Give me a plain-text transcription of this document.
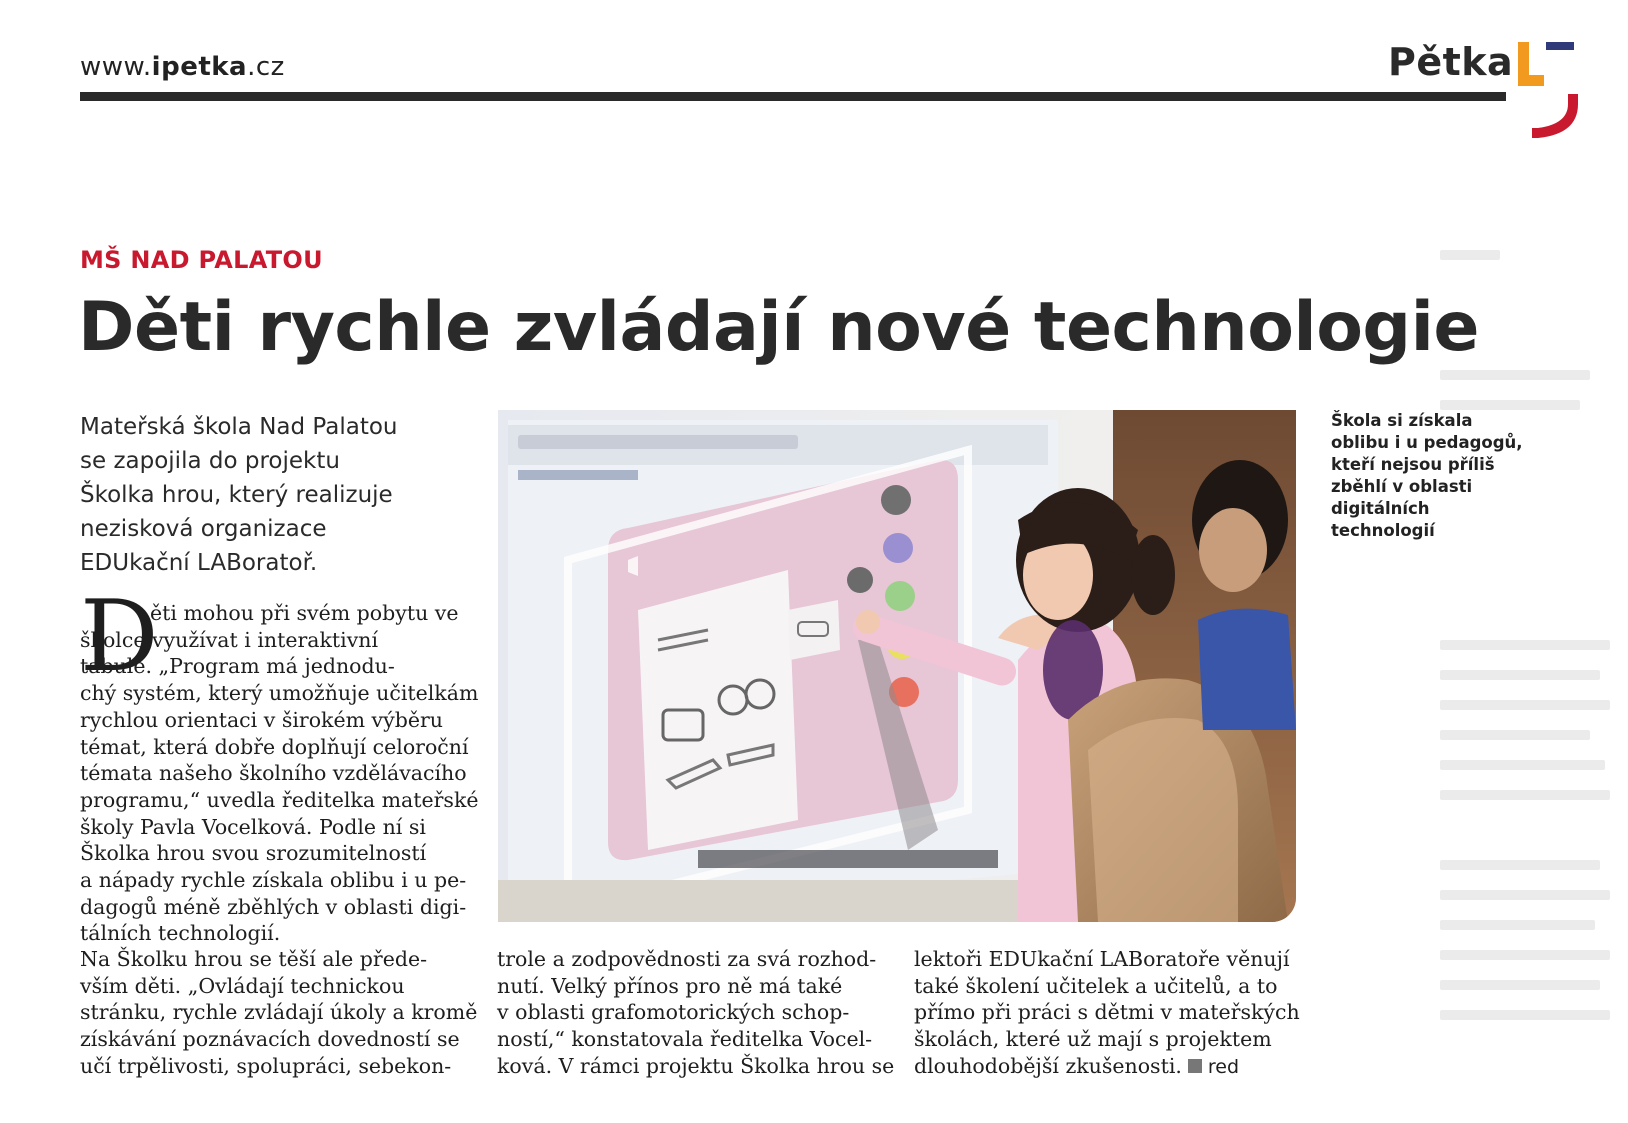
www.ipetka.cz	Pětka
MŠ NAD PALATOU
Děti rychle zvládají nové technologie

Mateřská škola Nad Palatou
se zapojila do projektu
Školka hrou, který realizuje
nezisková organizace
EDUkační LABoratoř.

D

ěti mohou při svém pobytu ve
školce využívat i interaktivní
tabule. „Program má jednodu-
chý systém, který umožňuje učitelkám
rychlou orientaci v širokém výběru
témat, která dobře doplňují celoroční
témata našeho školního vzdělávacího
programu,“ uvedla ředitelka mateřské
školy Pavla Vocelková. Podle ní si
Školka hrou svou srozumitelností
a nápady rychle získala oblibu i u pe-
dagogů méně zběhlých v oblasti digi-
tálních technologií.

Na Školku hrou se těší ale přede-
vším děti. „Ovládají technickou
stránku, rychle zvládají úkoly a kromě
získávání poznávacích dovedností se
učí trpělivosti, spolupráci, sebekon-

trole a zodpovědnosti za svá rozhod-
nutí. Velký přínos pro ně má také
v oblasti grafomotorických schop-
ností,“ konstatovala ředitelka Vocel-
ková. V rámci projektu Školka hrou se

lektoři EDUkační LABoratoře věnují
také školení učitelek a učitelů, a to
přímo při práci s dětmi v mateřských
školách, které už mají s projektem
dlouhodobější zkušenosti. red

Škola si získala
oblibu i u pedagogů,
kteří nejsou příliš
zběhlí v oblasti
digitálních
technologií
